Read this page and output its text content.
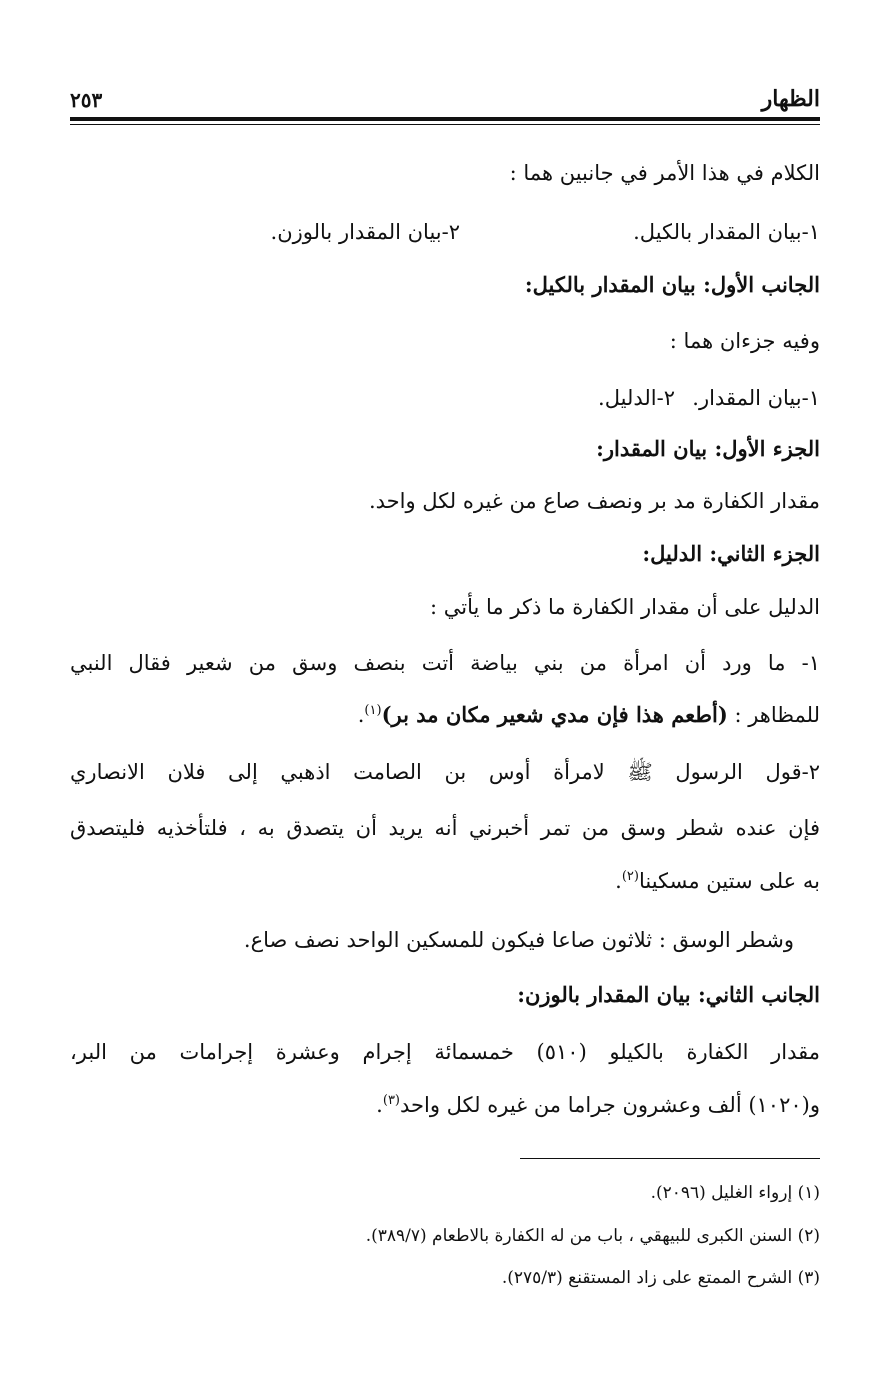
الظهار
٢٥٣
الكلام في هذا الأمر في جانبين هما :
١-بيان المقدار بالكيل.
٢-بيان المقدار بالوزن.
الجانب الأول: بيان المقدار بالكيل:
وفيه جزءان هما :
١-بيان المقدار.
٢-الدليل.
الجزء الأول: بيان المقدار:
مقدار الكفارة مد بر ونصف صاع من غيره لكل واحد.
الجزء الثاني: الدليل:
الدليل على أن مقدار الكفارة ما ذكر ما يأتي :
١- ما ورد أن امرأة من بني بياضة أتت بنصف وسق من شعير فقال النبي
للمظاهر : (أطعم هذا فإن مدي شعير مكان مد بر)$^{(١)}$.
٢-قول الرسول ﷺ لامرأة أوس بن الصامت اذهبي إلى فلان الانصاري
فإن عنده شطر وسق من تمر أخبرني أنه يريد أن يتصدق به ، فلتأخذيه فليتصدق
به على ستين مسكينا$^{(٢)}$.
وشطر الوسق : ثلاثون صاعا فيكون للمسكين الواحد نصف صاع.
الجانب الثاني: بيان المقدار بالوزن:
مقدار الكفارة بالكيلو (٥١٠) خمسمائة إجرام وعشرة إجرامات من البر،
و(١٠٢٠) ألف وعشرون جراما من غيره لكل واحد$^{(٣)}$.
(١) إرواء الغليل (٢٠٩٦).
(٢) السنن الكبرى للبيهقي ، باب من له الكفارة بالاطعام (٣٨٩/٧).
(٣) الشرح الممتع على زاد المستقنع (٢٧٥/٣).
